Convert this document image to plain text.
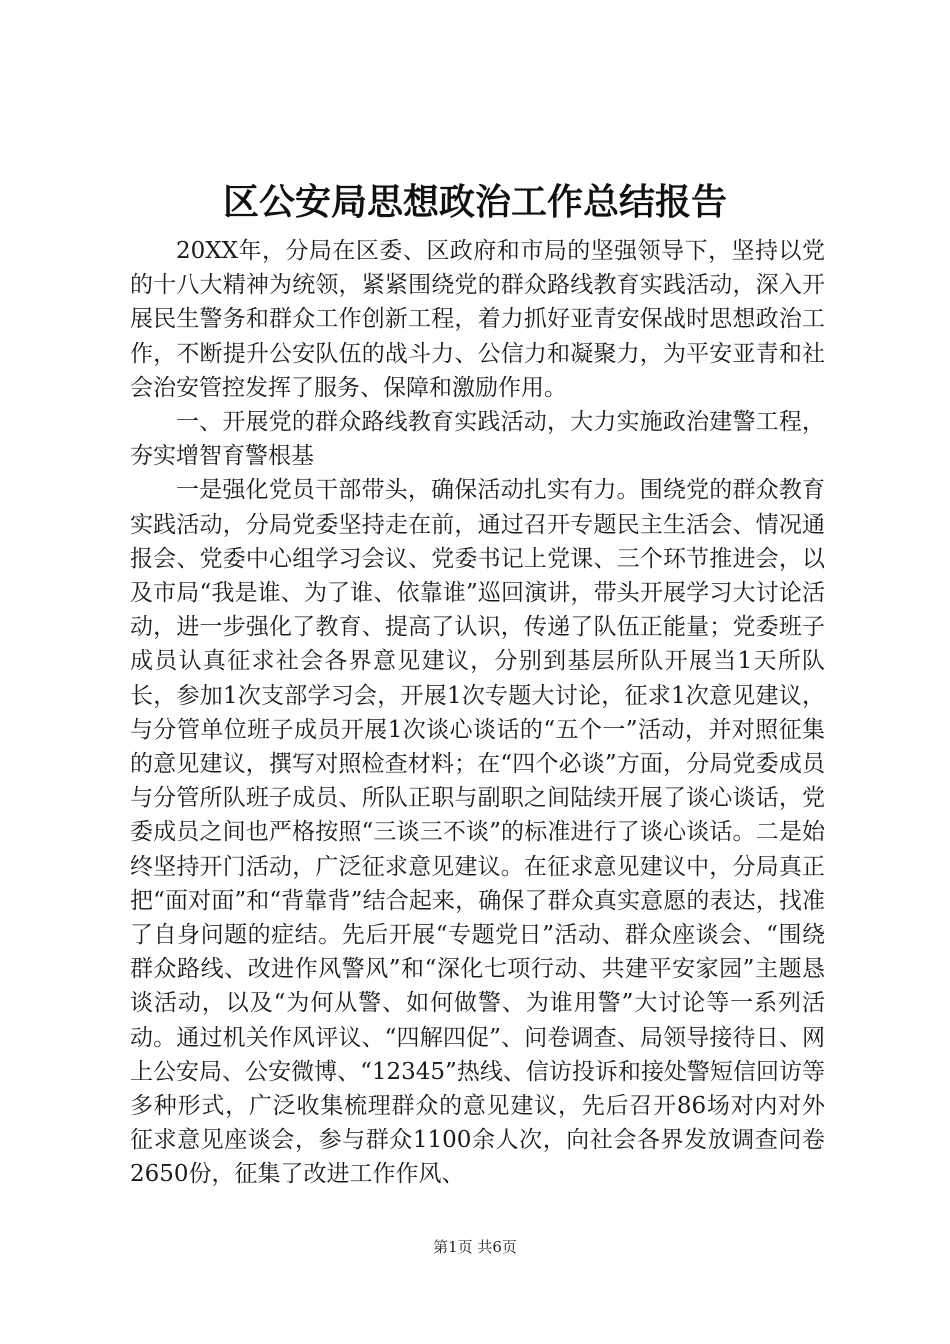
区公安局思想政治工作总结报告

20XX年，分局在区委、区政府和市局的坚强领导下，坚持以党的十八大精神为统领，紧紧围绕党的群众路线教育实践活动，深入开展民生警务和群众工作创新工程，着力抓好亚青安保战时思想政治工作，不断提升公安队伍的战斗力、公信力和凝聚力，为平安亚青和社会治安管控发挥了服务、保障和激励作用。

一、开展党的群众路线教育实践活动，大力实施政治建警工程，夯实增智育警根基

一是强化党员干部带头，确保活动扎实有力。围绕党的群众教育实践活动，分局党委坚持走在前，通过召开专题民主生活会、情况通报会、党委中心组学习会议、党委书记上党课、三个环节推进会，以及市局“我是谁、为了谁、依靠谁”巡回演讲，带头开展学习大讨论活动，进一步强化了教育、提高了认识，传递了队伍正能量；党委班子成员认真征求社会各界意见建议，分别到基层所队开展当1天所队长，参加1次支部学习会，开展1次专题大讨论，征求1次意见建议，与分管单位班子成员开展1次谈心谈话的“五个一”活动，并对照征集的意见建议，撰写对照检查材料；在“四个必谈”方面，分局党委成员与分管所队班子成员、所队正职与副职之间陆续开展了谈心谈话，党委成员之间也严格按照“三谈三不谈”的标准进行了谈心谈话。二是始终坚持开门活动，广泛征求意见建议。在征求意见建议中，分局真正把“面对面”和“背靠背”结合起来，确保了群众真实意愿的表达，找准了自身问题的症结。先后开展“专题党日”活动、群众座谈会、“围绕群众路线、改进作风警风”和“深化七项行动、共建平安家园”主题恳谈活动，以及“为何从警、如何做警、为谁用警”大讨论等一系列活动。通过机关作风评议、“四解四促”、问卷调查、局领导接待日、网上公安局、公安微博、“12345”热线、信访投诉和接处警短信回访等多种形式，广泛收集梳理群众的意见建议，先后召开86场对内对外征求意见座谈会，参与群众1100余人次，向社会各界发放调查问卷2650份，征集了改进工作作风、

第1页 共6页
